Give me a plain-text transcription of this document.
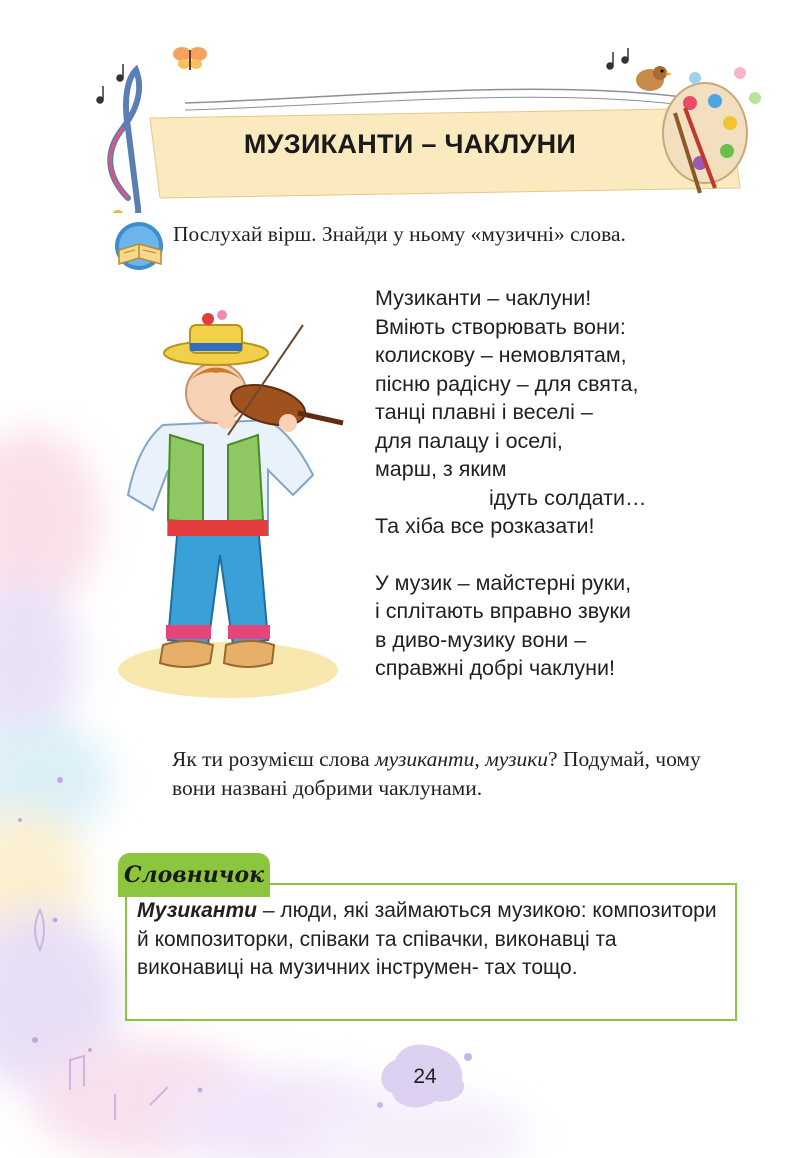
МУЗИКАНТИ – ЧАКЛУНИ
Послухай вірш. Знайди у ньому «музичні» слова.
Музиканти – чаклуни!
Вміють створювать вони:
колискову – немовлятам,
пісню радісну – для свята,
танці плавні і веселі –
для палацу і оселі,
марш, з яким
ідуть солдати…
Та хіба все розказати!
У музик – майстерні руки,
і сплітають вправно звуки
в диво-музику вони –
справжні добрі чаклуни!
Як ти розумієш слова музиканти, музики? Подумай, чому вони названі добрими чаклунами.
Музиканти – люди, які займаються музикою: композитори й композиторки, співаки та співачки, виконавці та виконавиці на музичних інструмен- тах тощо.
Словничок
24
